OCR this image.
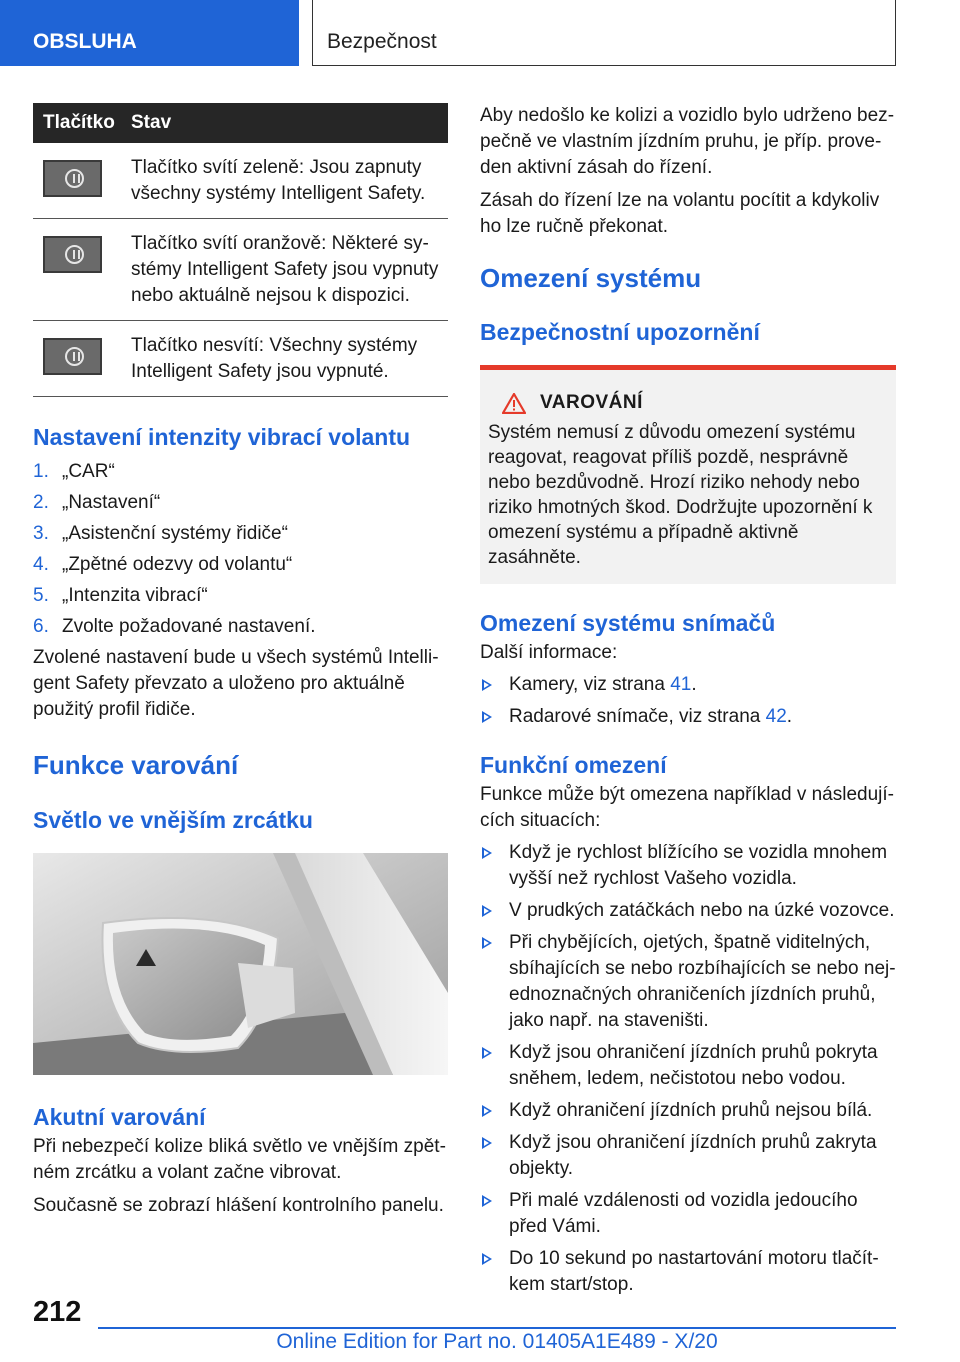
OBSLUHA	Bezpečnost
Tlačítko	Stav

	Tlačítko svítí zeleně: Jsou zapnuty všechny systémy Intelligent Safety.

	Tlačítko svítí oranžově: Některé systémy Intelligent Safety jsou vypnuty nebo aktuálně nejsou k dispozici.

	Tlačítko nesvítí: Všechny systémy Intelligent Safety jsou vypnuté.
Nastavení intenzity vibrací volantu
1. „CAR“
2. „Nastavení“
3. „Asistenční systémy řidiče“
4. „Zpětné odezvy od volantu“
5. „Intenzita vibrací“
6. Zvolte požadované nastavení.

Zvolené nastavení bude u všech systémů Intelligent Safety převzato a uloženo pro aktuálně použitý profil řidiče.

Funkce varování
Světlo ve vnějším zrcátku
Akutní varování

Při nebezpečí kolize bliká světlo ve vnějším zpětném zrcátku a volant začne vibrovat.

Současně se zobrazí hlášení kontrolního panelu.

Aby nedošlo ke kolizi a vozidlo bylo udrženo bezpečně ve vlastním jízdním pruhu, je příp. proveden aktivní zásah do řízení.

Zásah do řízení lze na volantu pocítit a kdykoliv ho lze ručně překonat.

Omezení systému
Bezpečnostní upozornění
VAROVÁNÍ

Systém nemusí z důvodu omezení systému reagovat, reagovat příliš pozdě, nesprávně nebo bezdůvodně. Hrozí riziko nehody nebo riziko hmotných škod. Dodržujte upozornění k omezení systému a případně aktivně zasáhněte.

Omezení systému snímačů

Další informace:

Kamery, viz strana 41.
Radarové snímače, viz strana 42.
Funkční omezení

Funkce může být omezena například v následujících situacích:

Když je rychlost blížícího se vozidla mnohem vyšší než rychlost Vašeho vozidla.
V prudkých zatáčkách nebo na úzké vozovce.
Při chybějících, ojetých, špatně viditelných, sbíhajících se nebo rozbíhajících se nebo nejednoznačných ohraničeních jízdních pruhů, jako např. na staveništi.
Když jsou ohraničení jízdních pruhů pokryta sněhem, ledem, nečistotou nebo vodou.
Když ohraničení jízdních pruhů nejsou bílá.
Když jsou ohraničení jízdních pruhů zakryta objekty.
Při malé vzdálenosti od vozidla jedoucího před Vámi.
Do 10 sekund po nastartování motoru tlačítkem start/stop.
212
Online Edition for Part no. 01405A1E489 - X/20
